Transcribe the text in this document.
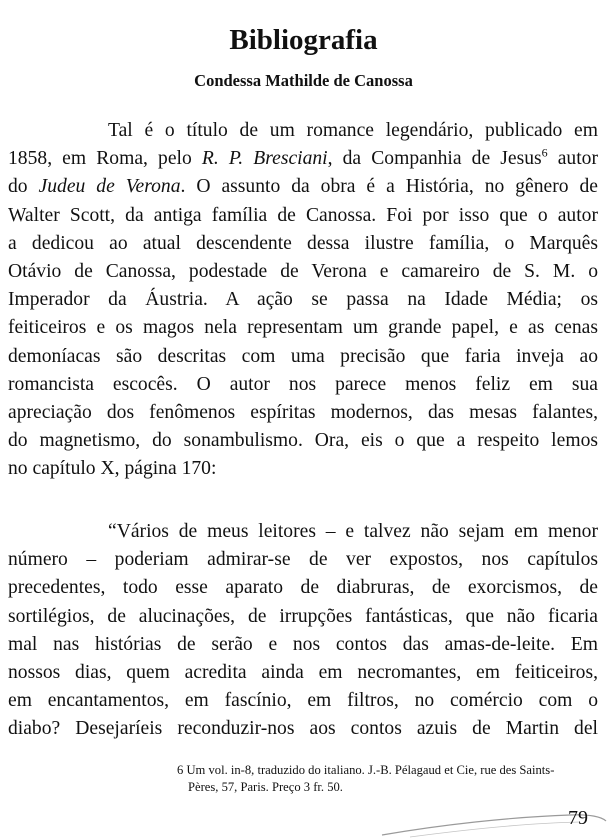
Bibliografia
Condessa Mathilde de Canossa
Tal é o título de um romance legendário, publicado em
1858, em Roma, pelo R. P. Bresciani, da Companhia de Jesus$^6$ autor
do Judeu de Verona. O assunto da obra é a História, no gênero de
Walter Scott, da antiga família de Canossa. Foi por isso que o autor
a dedicou ao atual descendente dessa ilustre família, o Marquês
Otávio de Canossa, podestade de Verona e camareiro de S. M. o
Imperador da Áustria. A ação se passa na Idade Média; os
feiticeiros e os magos nela representam um grande papel, e as cenas
demoníacas são descritas com uma precisão que faria inveja ao
romancista escocês. O autor nos parece menos feliz em sua
apreciação dos fenômenos espíritas modernos, das mesas falantes,
do magnetismo, do sonambulismo. Ora, eis o que a respeito lemos
no capítulo X, página 170:
“Vários de meus leitores – e talvez não sejam em menor
número – poderiam admirar-se de ver expostos, nos capítulos
precedentes, todo esse aparato de diabruras, de exorcismos, de
sortilégios, de alucinações, de irrupções fantásticas, que não ficaria
mal nas histórias de serão e nos contos das amas-de-leite. Em
nossos dias, quem acredita ainda em necromantes, em feiticeiros,
em encantamentos, em fascínio, em filtros, no comércio com o
diabo? Desejaríeis reconduzir-nos aos contos azuis de Martin del
6 Um vol. in-8, traduzido do italiano. J.-B. Pélagaud et Cie, rue des Saints-
Pères, 57, Paris. Preço 3 fr. 50.
79
